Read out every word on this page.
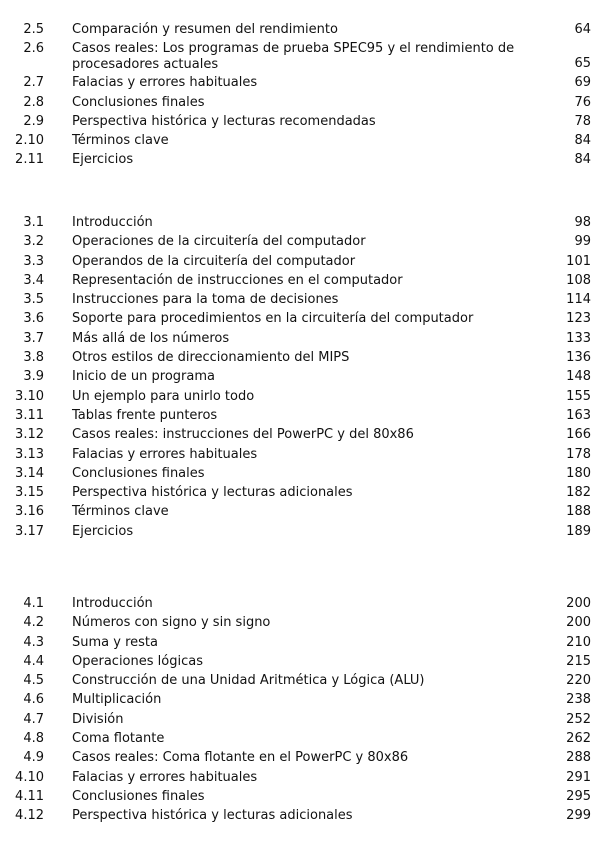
2.5 Comparación y resumen del rendimiento	64
2.6 Casos reales: Los programas de prueba SPEC95 y el rendimiento de procesadores actuales	65
2.7 Falacias y errores habituales	69
2.8 Conclusiones finales	76
2.9 Perspectiva histórica y lecturas recomendadas	78
2.10 Términos clave	84
2.11 Ejercicios	84
3.1 Introducción	98
3.2 Operaciones de la circuitería del computador	99
3.3 Operandos de la circuitería del computador	101
3.4 Representación de instrucciones en el computador	108
3.5 Instrucciones para la toma de decisiones	114
3.6 Soporte para procedimientos en la circuitería del computador	123
3.7 Más allá de los números	133
3.8 Otros estilos de direccionamiento del MIPS	136
3.9 Inicio de un programa	148
3.10 Un ejemplo para unirlo todo	155
3.11 Tablas frente punteros	163
3.12 Casos reales: instrucciones del PowerPC y del 80x86	166
3.13 Falacias y errores habituales	178
3.14 Conclusiones finales	180
3.15 Perspectiva histórica y lecturas adicionales	182
3.16 Términos clave	188
3.17 Ejercicios	189
4.1 Introducción	200
4.2 Números con signo y sin signo	200
4.3 Suma y resta	210
4.4 Operaciones lógicas	215
4.5 Construcción de una Unidad Aritmética y Lógica (ALU)	220
4.6 Multiplicación	238
4.7 División	252
4.8 Coma flotante	262
4.9 Casos reales: Coma flotante en el PowerPC y 80x86	288
4.10 Falacias y errores habituales	291
4.11 Conclusiones finales	295
4.12 Perspectiva histórica y lecturas adicionales	299
